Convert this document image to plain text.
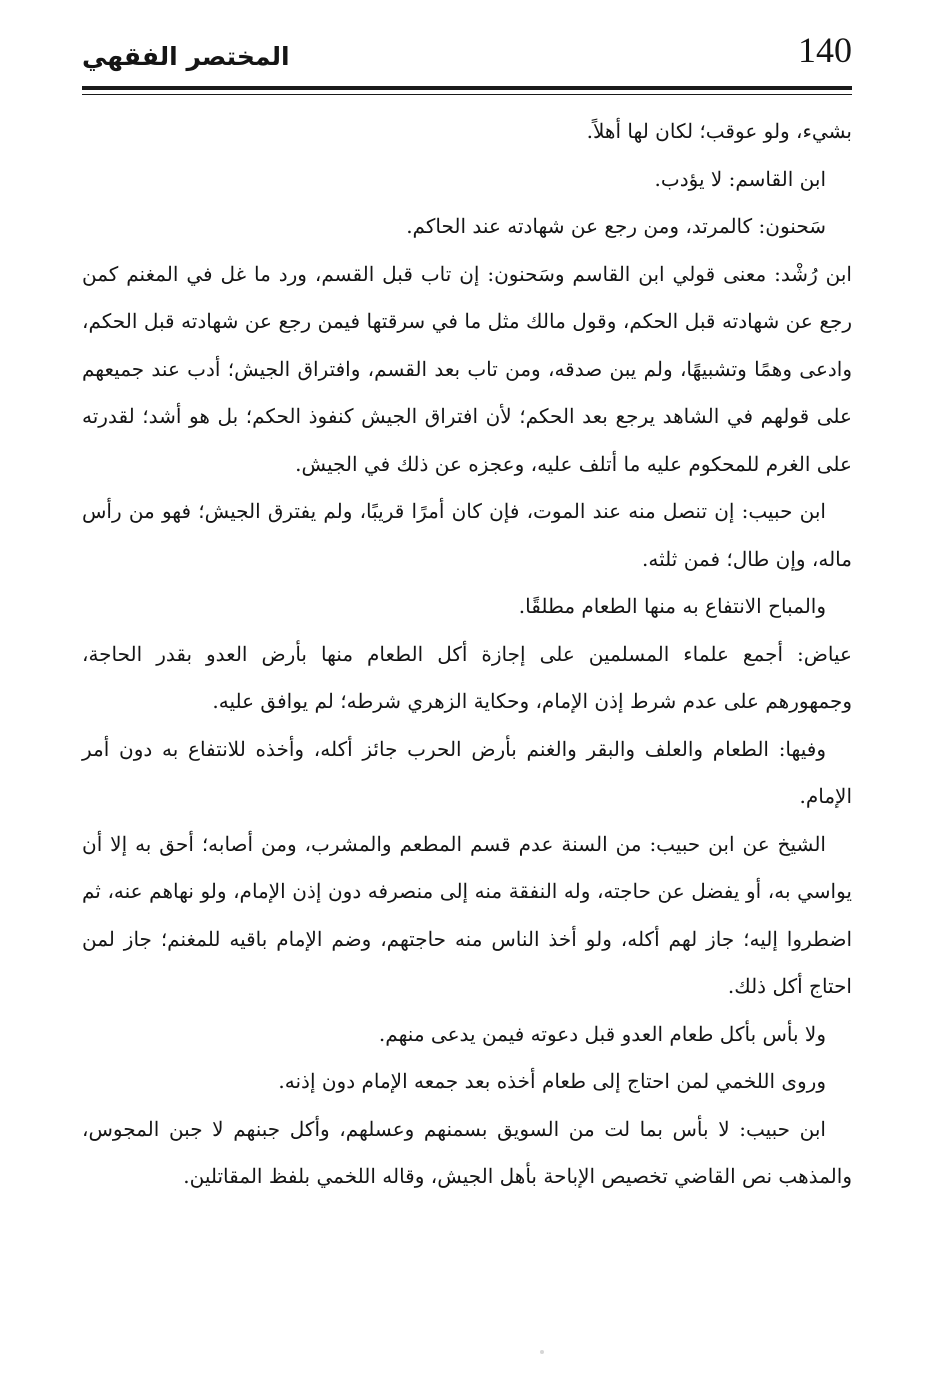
المختصر الفقهي	140

بشيء، ولو عوقب؛ لكان لها أهلاً.

ابن القاسم: لا يؤدب.

سَحنون: كالمرتد، ومن رجع عن شهادته عند الحاكم.

ابن رُشْد: معنى قولي ابن القاسم وسَحنون: إن تاب قبل القسم، ورد ما غل في المغنم كمن رجع عن شهادته قبل الحكم، وقول مالك مثل ما في سرقتها فيمن رجع عن شهادته قبل الحكم، وادعى وهمًا وتشبيهًا، ولم يبن صدقه، ومن تاب بعد القسم، وافتراق الجيش؛ أدب عند جميعهم على قولهم في الشاهد يرجع بعد الحكم؛ لأن افتراق الجيش كنفوذ الحكم؛ بل هو أشد؛ لقدرته على الغرم للمحكوم عليه ما أتلف عليه، وعجزه عن ذلك في الجيش.

ابن حبيب: إن تنصل منه عند الموت، فإن كان أمرًا قريبًا، ولم يفترق الجيش؛ فهو من رأس ماله، وإن طال؛ فمن ثلثه.

والمباح الانتفاع به منها الطعام مطلقًا.

عياض: أجمع علماء المسلمين على إجازة أكل الطعام منها بأرض العدو بقدر الحاجة، وجمهورهم على عدم شرط إذن الإمام، وحكاية الزهري شرطه؛ لم يوافق عليه.

وفيها: الطعام والعلف والبقر والغنم بأرض الحرب جائز أكله، وأخذه للانتفاع به دون أمر الإمام.

الشيخ عن ابن حبيب: من السنة عدم قسم المطعم والمشرب، ومن أصابه؛ أحق به إلا أن يواسي به، أو يفضل عن حاجته، وله النفقة منه إلى منصرفه دون إذن الإمام، ولو نهاهم عنه، ثم اضطروا إليه؛ جاز لهم أكله، ولو أخذ الناس منه حاجتهم، وضم الإمام باقيه للمغنم؛ جاز لمن احتاج أكل ذلك.

ولا بأس بأكل طعام العدو قبل دعوته فيمن يدعى منهم.

وروى اللخمي لمن احتاج إلى طعام أخذه بعد جمعه الإمام دون إذنه.

ابن حبيب: لا بأس بما لت من السويق بسمنهم وعسلهم، وأكل جبنهم لا جبن المجوس، والمذهب نص القاضي تخصيص الإباحة بأهل الجيش، وقاله اللخمي بلفظ المقاتلين.
